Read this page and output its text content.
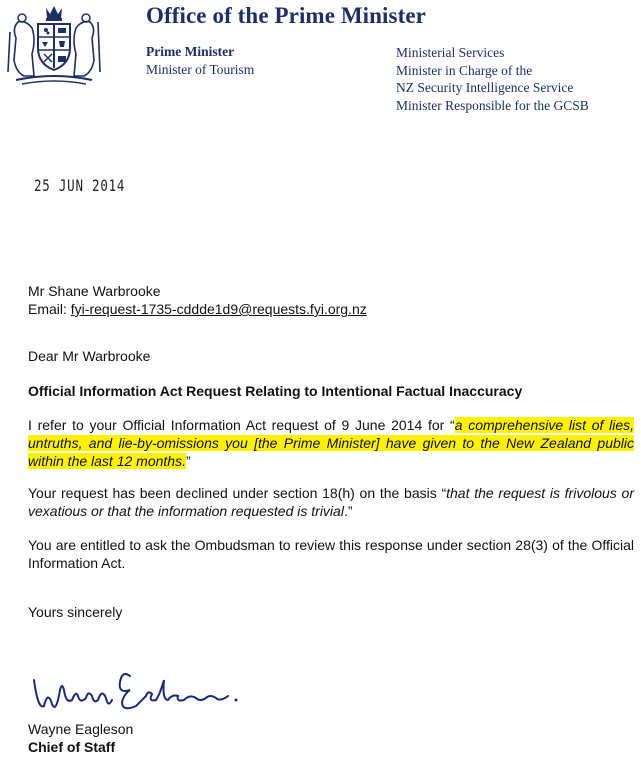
Office of the Prime Minister
Prime Minister
Minister of Tourism
Ministerial Services
Minister in Charge of the
NZ Security Intelligence Service
Minister Responsible for the GCSB
25 JUN 2014
Mr Shane Warbrooke
Email: fyi-request-1735-cddde1d9@requests.fyi.org.nz
Dear Mr Warbrooke
Official Information Act Request Relating to Intentional Factual Inaccuracy
I refer to your Official Information Act request of 9 June 2014 for “a comprehensive list of lies, untruths, and lie-by-omissions you [the Prime Minister] have given to the New Zealand public within the last 12 months.”
Your request has been declined under section 18(h) on the basis “that the request is frivolous or vexatious or that the information requested is trivial.”
You are entitled to ask the Ombudsman to review this response under section 28(3) of the Official Information Act.
Yours sincerely
Wayne Eagleson
Chief of Staff
